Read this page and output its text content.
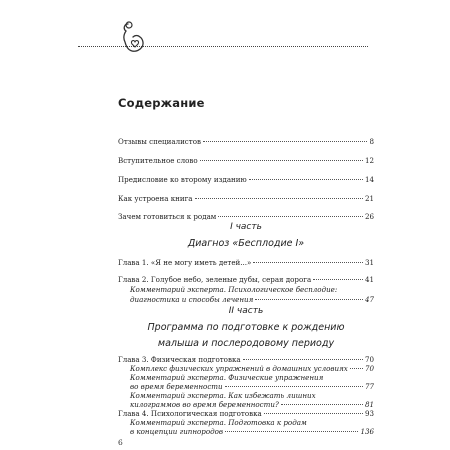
Содержание
Отзывы специалистов	8
Вступительное слово	12
Предисловие ко второму изданию	14
Как устроена книга	21
Зачем готовиться к родам	26
I часть
Диагноз «Бесплодие I»
Глава 1. «Я не могу иметь детей...»	31
Глава 2. Голубое небо, зеленые дубы, серая дорога	41
Комментарий эксперта. Психологическое бесплодие:
диагностика и способы лечения	47
II часть
Программа по подготовке к рождению
малыша и послеродовому периоду
Глава 3. Физическая подготовка	70
Комплекс физических упражнений в домашних условиях 70
Комментарий эксперта. Физические упражнения
во время беременности	77
Комментарий эксперта. Как избежать лишних
килограммов во время беременности?	81
Глава 4. Психологическая подготовка	93
Комментарий эксперта. Подготовка к родам
в концепции гипнородов	136
6
